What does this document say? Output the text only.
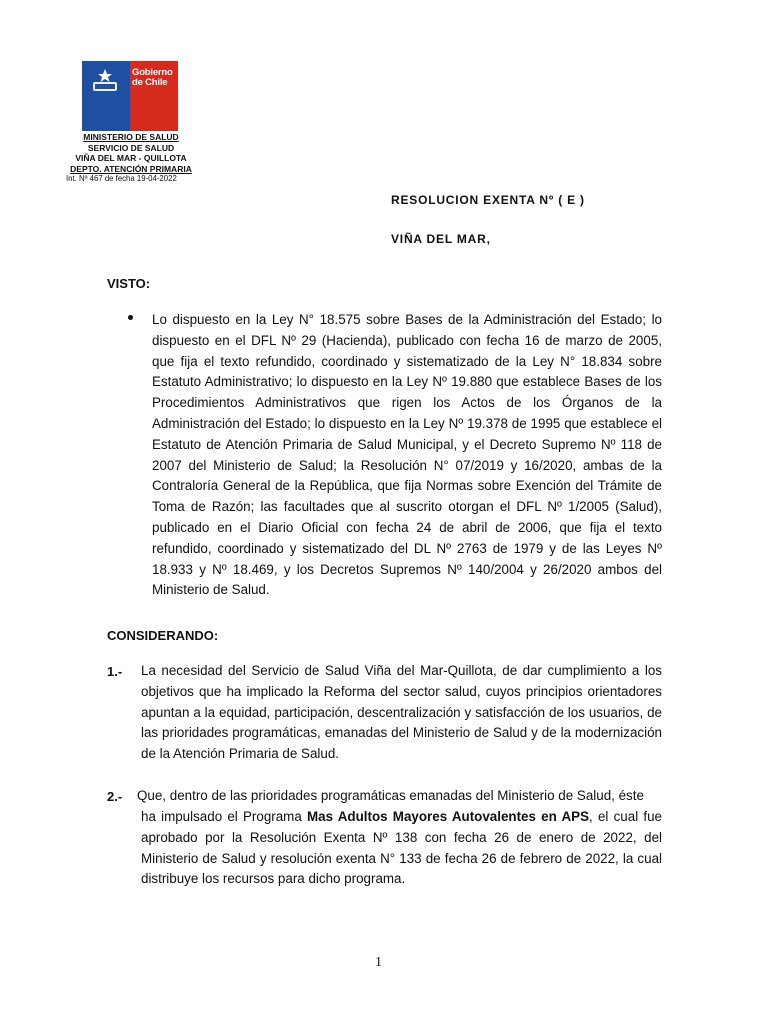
Gobierno
de Chile
MINISTERIO DE SALUD
SERVICIO DE SALUD
VIÑA DEL MAR - QUILLOTA
DEPTO. ATENCIÓN PRIMARIA
Int. Nº 467 de fecha 19-04-2022
RESOLUCION EXENTA Nº ( E )
VIÑA DEL MAR,
VISTO:
Lo dispuesto en la Ley N° 18.575 sobre Bases de la Administración del Estado; lo dispuesto en el DFL Nº 29 (Hacienda), publicado con fecha 16 de marzo de 2005, que fija el texto refundido, coordinado y sistematizado de la Ley N° 18.834 sobre Estatuto Administrativo; lo dispuesto en la Ley Nº 19.880 que establece Bases de los Procedimientos Administrativos que rigen los Actos de los Órganos de la Administración del Estado; lo dispuesto en la Ley Nº 19.378 de 1995 que establece el Estatuto de Atención Primaria de Salud Municipal, y el Decreto Supremo Nº 118 de 2007 del Ministerio de Salud; la Resolución N° 07/2019 y 16/2020, ambas de la Contraloría General de la República, que fija Normas sobre Exención del Trámite de Toma de Razón; las facultades que al suscrito otorgan el DFL Nº 1/2005 (Salud), publicado en el Diario Oficial con fecha 24 de abril de 2006, que fija el texto refundido, coordinado y sistematizado del DL Nº 2763 de 1979 y de las Leyes Nº 18.933 y Nº 18.469, y los Decretos Supremos Nº 140/2004 y 26/2020 ambos del Ministerio de Salud.
CONSIDERANDO:
1.- La necesidad del Servicio de Salud Viña del Mar-Quillota, de dar cumplimiento a los objetivos que ha implicado la Reforma del sector salud, cuyos principios orientadores apuntan a la equidad, participación, descentralización y satisfacción de los usuarios, de las prioridades programáticas, emanadas del Ministerio de Salud y de la modernización de la Atención Primaria de Salud.
2.- Que, dentro de las prioridades programáticas emanadas del Ministerio de Salud, éste
ha impulsado el Programa Mas Adultos Mayores Autovalentes en APS, el cual fue aprobado por la Resolución Exenta Nº 138 con fecha 26 de enero de 2022, del Ministerio de Salud y resolución exenta N° 133 de fecha 26 de febrero de 2022, la cual distribuye los recursos para dicho programa.
1
